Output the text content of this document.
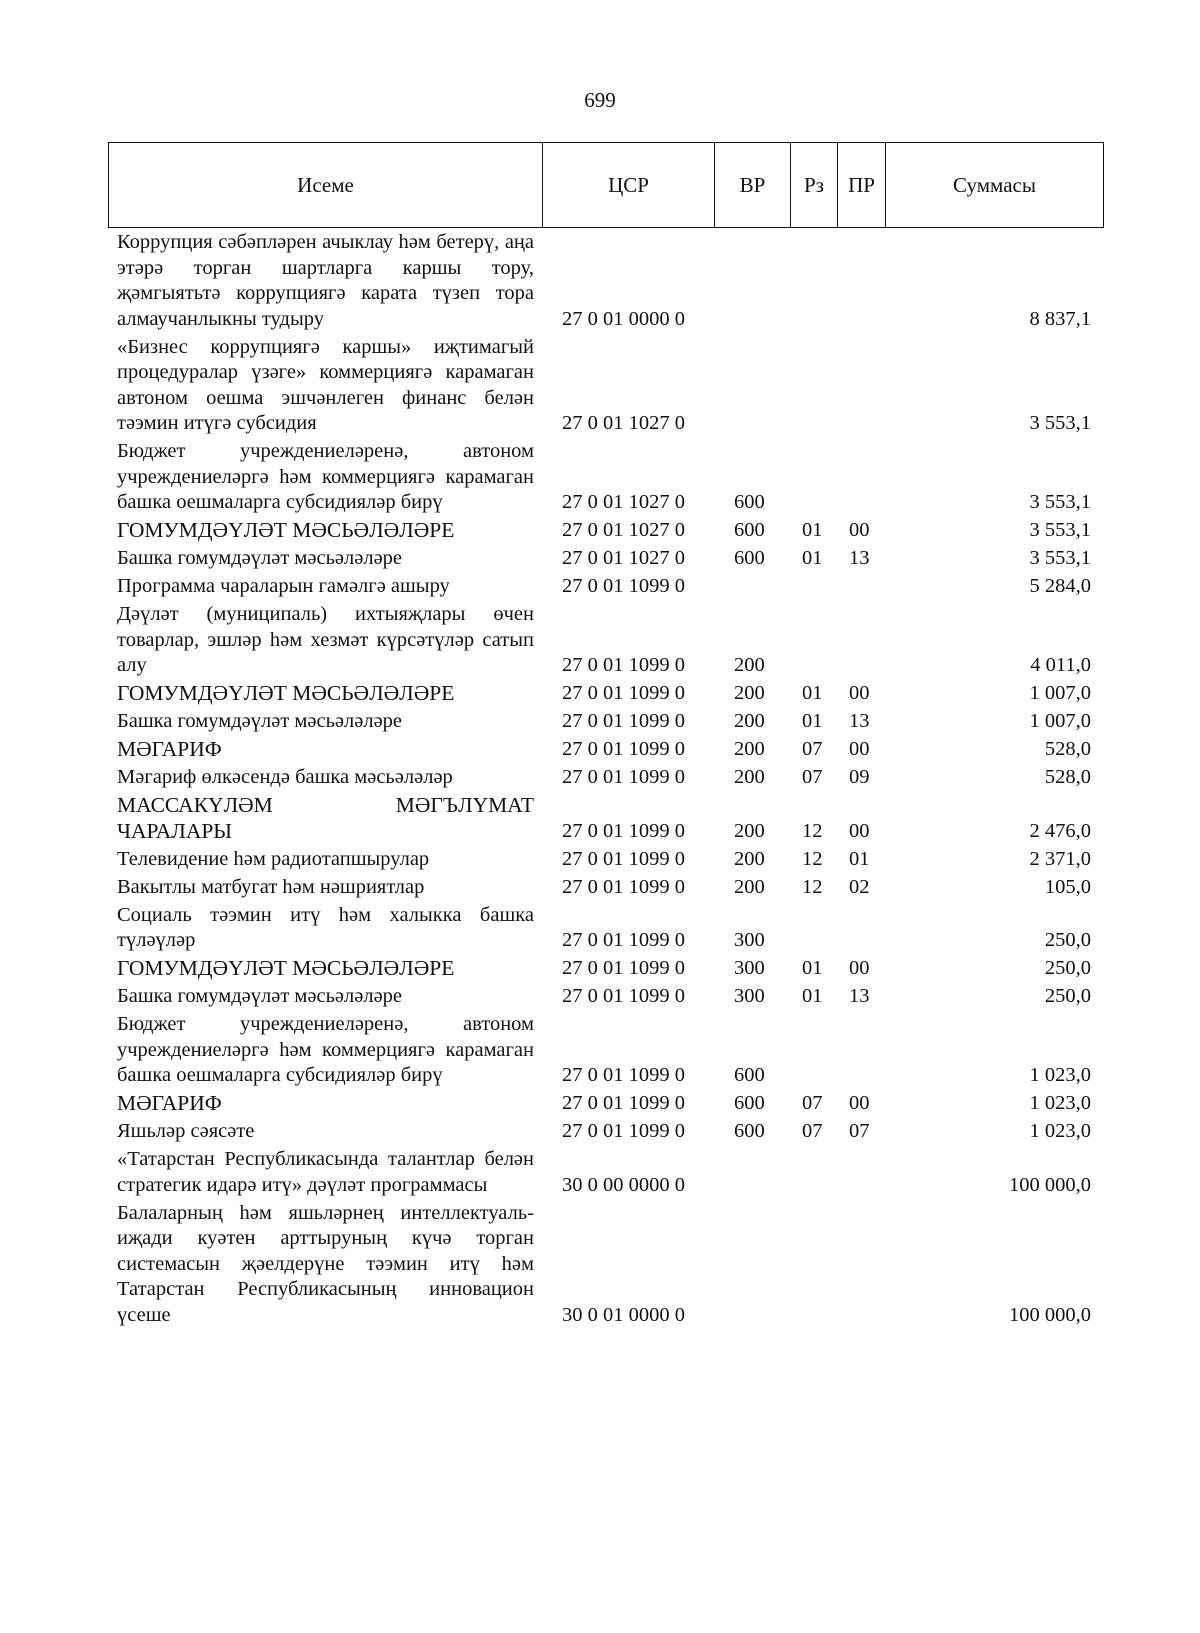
699
Исеме	ЦСР	ВР	Рз	ПР	Суммасы
Коррупция сәбәпләрен ачыклау һәм бетерү, аңа этәрә торган шартларга каршы тору, җәмгыятьтә коррупциягә карата түзеп тора алмаучанлыкны тудыру	27 0 01 0000 0				8 837,1
«Бизнес коррупциягә каршы» иҗтимагый процедуралар үзәге» коммерциягә карамаган автоном оешма эшчәнлеген финанс белән тәэмин итүгә субсидия	27 0 01 1027 0				3 553,1
Бюджет учреждениеләренә, автоном учреждениеләргә һәм коммерциягә карамаган башка оешмаларга субсидияләр бирү	27 0 01 1027 0	600			3 553,1
ГОМУМДӘҮЛӘТ МӘСЬӘЛӘЛӘРЕ	27 0 01 1027 0	600	01	00	3 553,1
Башка гомумдәүләт мәсьәләләре	27 0 01 1027 0	600	01	13	3 553,1
Программа чараларын гамәлгә ашыру	27 0 01 1099 0				5 284,0
Дәүләт (муниципаль) ихтыяҗлары өчен товарлар, эшләр һәм хезмәт күрсәтүләр сатып алу	27 0 01 1099 0	200			4 011,0
ГОМУМДӘҮЛӘТ МӘСЬӘЛӘЛӘРЕ	27 0 01 1099 0	200	01	00	1 007,0
Башка гомумдәүләт мәсьәләләре	27 0 01 1099 0	200	01	13	1 007,0
МӘГАРИФ	27 0 01 1099 0	200	07	00	528,0
Мәгариф өлкәсендә башка мәсьәләләр	27 0 01 1099 0	200	07	09	528,0
МАССАКҮЛӘМ МӘГЪЛҮМАТ ЧАРАЛАРЫ	27 0 01 1099 0	200	12	00	2 476,0
Телевидение һәм радиотапшырулар	27 0 01 1099 0	200	12	01	2 371,0
Вакытлы матбугат һәм нәшриятлар	27 0 01 1099 0	200	12	02	105,0
Социаль тәэмин итү һәм халыкка башка түләүләр	27 0 01 1099 0	300			250,0
ГОМУМДӘҮЛӘТ МӘСЬӘЛӘЛӘРЕ	27 0 01 1099 0	300	01	00	250,0
Башка гомумдәүләт мәсьәләләре	27 0 01 1099 0	300	01	13	250,0
Бюджет учреждениеләренә, автоном учреждениеләргә һәм коммерциягә карамаган башка оешмаларга субсидияләр бирү	27 0 01 1099 0	600			1 023,0
МӘГАРИФ	27 0 01 1099 0	600	07	00	1 023,0
Яшьләр сәясәте	27 0 01 1099 0	600	07	07	1 023,0
«Татарстан Республикасында талантлар белән стратегик идарә итү» дәүләт программасы	30 0 00 0000 0				100 000,0
Балаларның һәм яшьләрнең интеллектуаль-иҗади куәтен арттыруның күчә торган системасын җәелдерүне тәэмин итү һәм Татарстан Республикасының инновацион үсеше	30 0 01 0000 0				100 000,0
